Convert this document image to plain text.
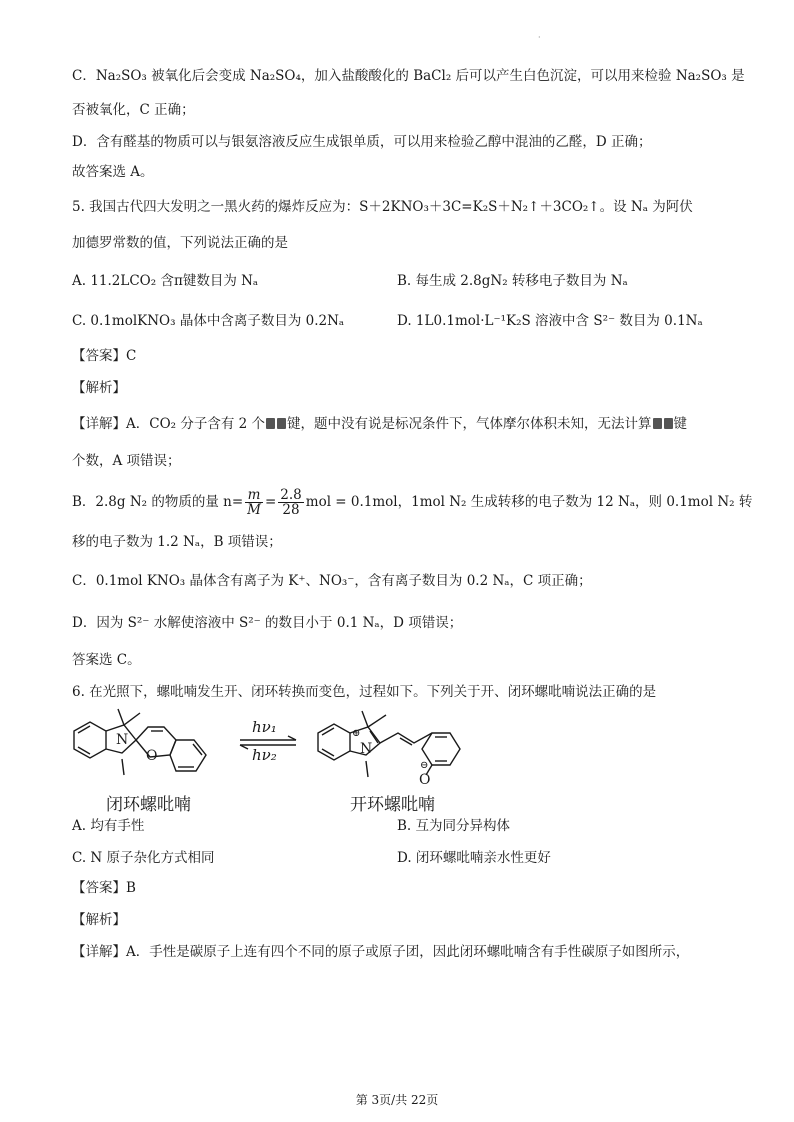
·
C．Na₂SO₃ 被氧化后会变成 Na₂SO₄，加入盐酸酸化的 BaCl₂ 后可以产生白色沉淀，可以用来检验 Na₂SO₃ 是
否被氧化，C 正确；
D．含有醛基的物质可以与银氨溶液反应生成银单质，可以用来检验乙醇中混油的乙醛，D 正确；
故答案选 A。
5. 我国古代四大发明之一黑火药的爆炸反应为：S＋2KNO₃＋3C=K₂S＋N₂↑＋3CO₂↑。设 Nₐ 为阿伏
加德罗常数的值，下列说法正确的是
A. 11.2LCO₂ 含π键数目为 Nₐ	B. 每生成 2.8gN₂ 转移电子数目为 Nₐ
C. 0.1molKNO₃ 晶体中含离子数目为 0.2Nₐ	D. 1L0.1mol·L⁻¹K₂S 溶液中含 S²⁻ 数目为 0.1Nₐ
【答案】C
【解析】
【详解】A．CO₂ 分子含有 2 个 键，题中没有说是标况条件下，气体摩尔体积未知，无法计算 键
个数，A 项错误；
B．2.8g N₂ 的物质的量 $n= \frac{m}{M} = \frac{2.8}{28}$ mol = 0.1mol，1mol N₂ 生成转移的电子数为 12 Nₐ，则 0.1mol N₂ 转
移的电子数为 1.2 Nₐ，B 项错误；
C．0.1mol KNO₃ 晶体含有离子为 K⁺、NO₃⁻，含有离子数目为 0.2 Nₐ，C 项正确；
D．因为 S²⁻ 水解使溶液中 S²⁻ 的数目小于 0.1 Nₐ，D 项错误；
答案选 C。
6. 在光照下，螺吡喃发生开、闭环转换而变色，过程如下。下列关于开、闭环螺吡喃说法正确的是
N
O
hν₁
hν₂	N
⊕
O
⊖
闭环螺吡喃	开环螺吡喃
A. 均有手性	B. 互为同分异构体
C. N 原子杂化方式相同	D. 闭环螺吡喃亲水性更好
【答案】B
【解析】
【详解】A．手性是碳原子上连有四个不同的原子或原子团，因此闭环螺吡喃含有手性碳原子如图所示，
第 3页/共 22页
